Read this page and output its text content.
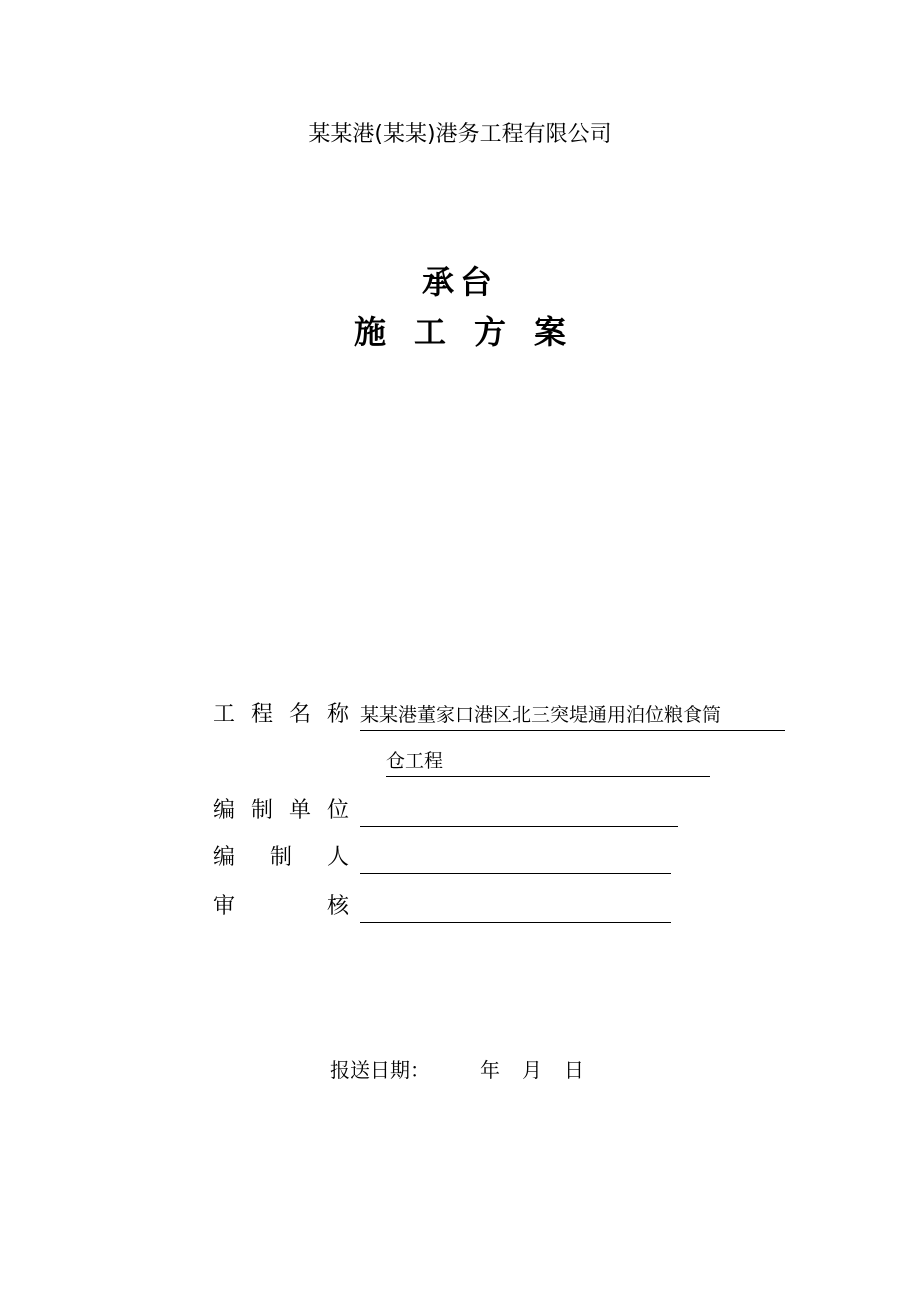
某某港(某某)港务工程有限公司
承台
施工方案
工 程 名 称 某某港董家口港区北三突堤通用泊位粮食筒
仓工程
编 制 单 位
编 制 人
审	核
报送日期：	年 月 日
